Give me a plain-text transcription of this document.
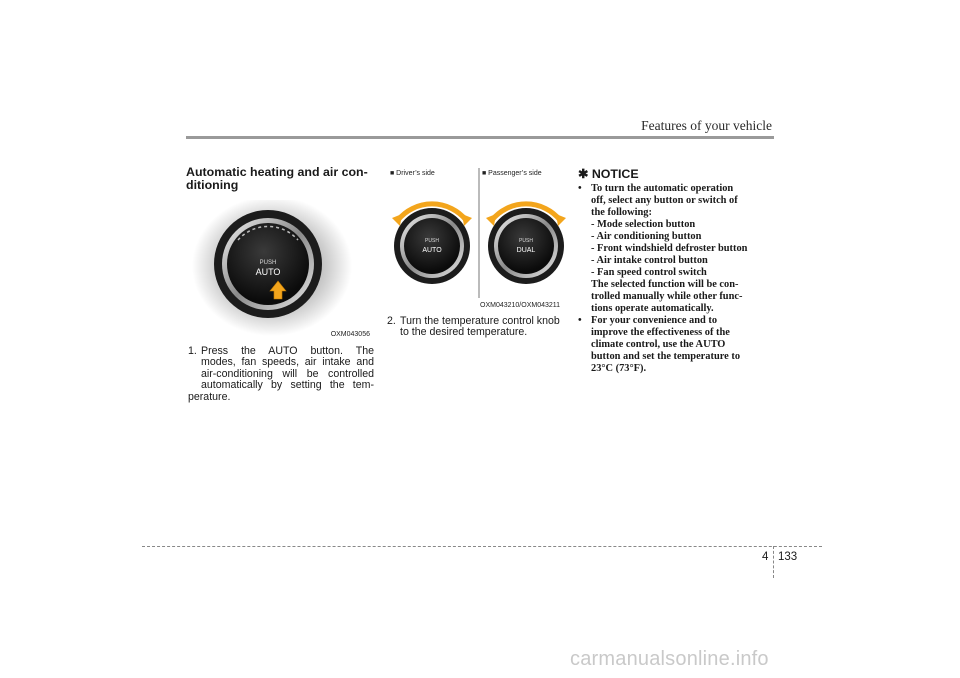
Features of your vehicle
Automatic heating and air con-
ditioning
PUSH
AUTO
OXM043056
1. Press the AUTO button. The
modes, fan speeds, air intake and
air-conditioning will be controlled
automatically by setting the tem-
perature.
■ Driver’s side	■ Passenger’s side
PUSH
AUTO
PUSH
DUAL
OXM043210/OXM043211
2. Turn the temperature control knob
to the desired temperature.
✱ NOTICE
• To turn the automatic operation
off, select any button or switch of
the following:
- Mode selection button
- Air conditioning button
- Front windshield defroster button
- Air intake control button
- Fan speed control switch
The selected function will be con-
trolled manually while other func-
tions operate automatically.
• For your convenience and to
improve the effectiveness of the
climate control, use the AUTO
button and set the temperature to
23°C (73°F).
4 133
carmanualsonline.info
